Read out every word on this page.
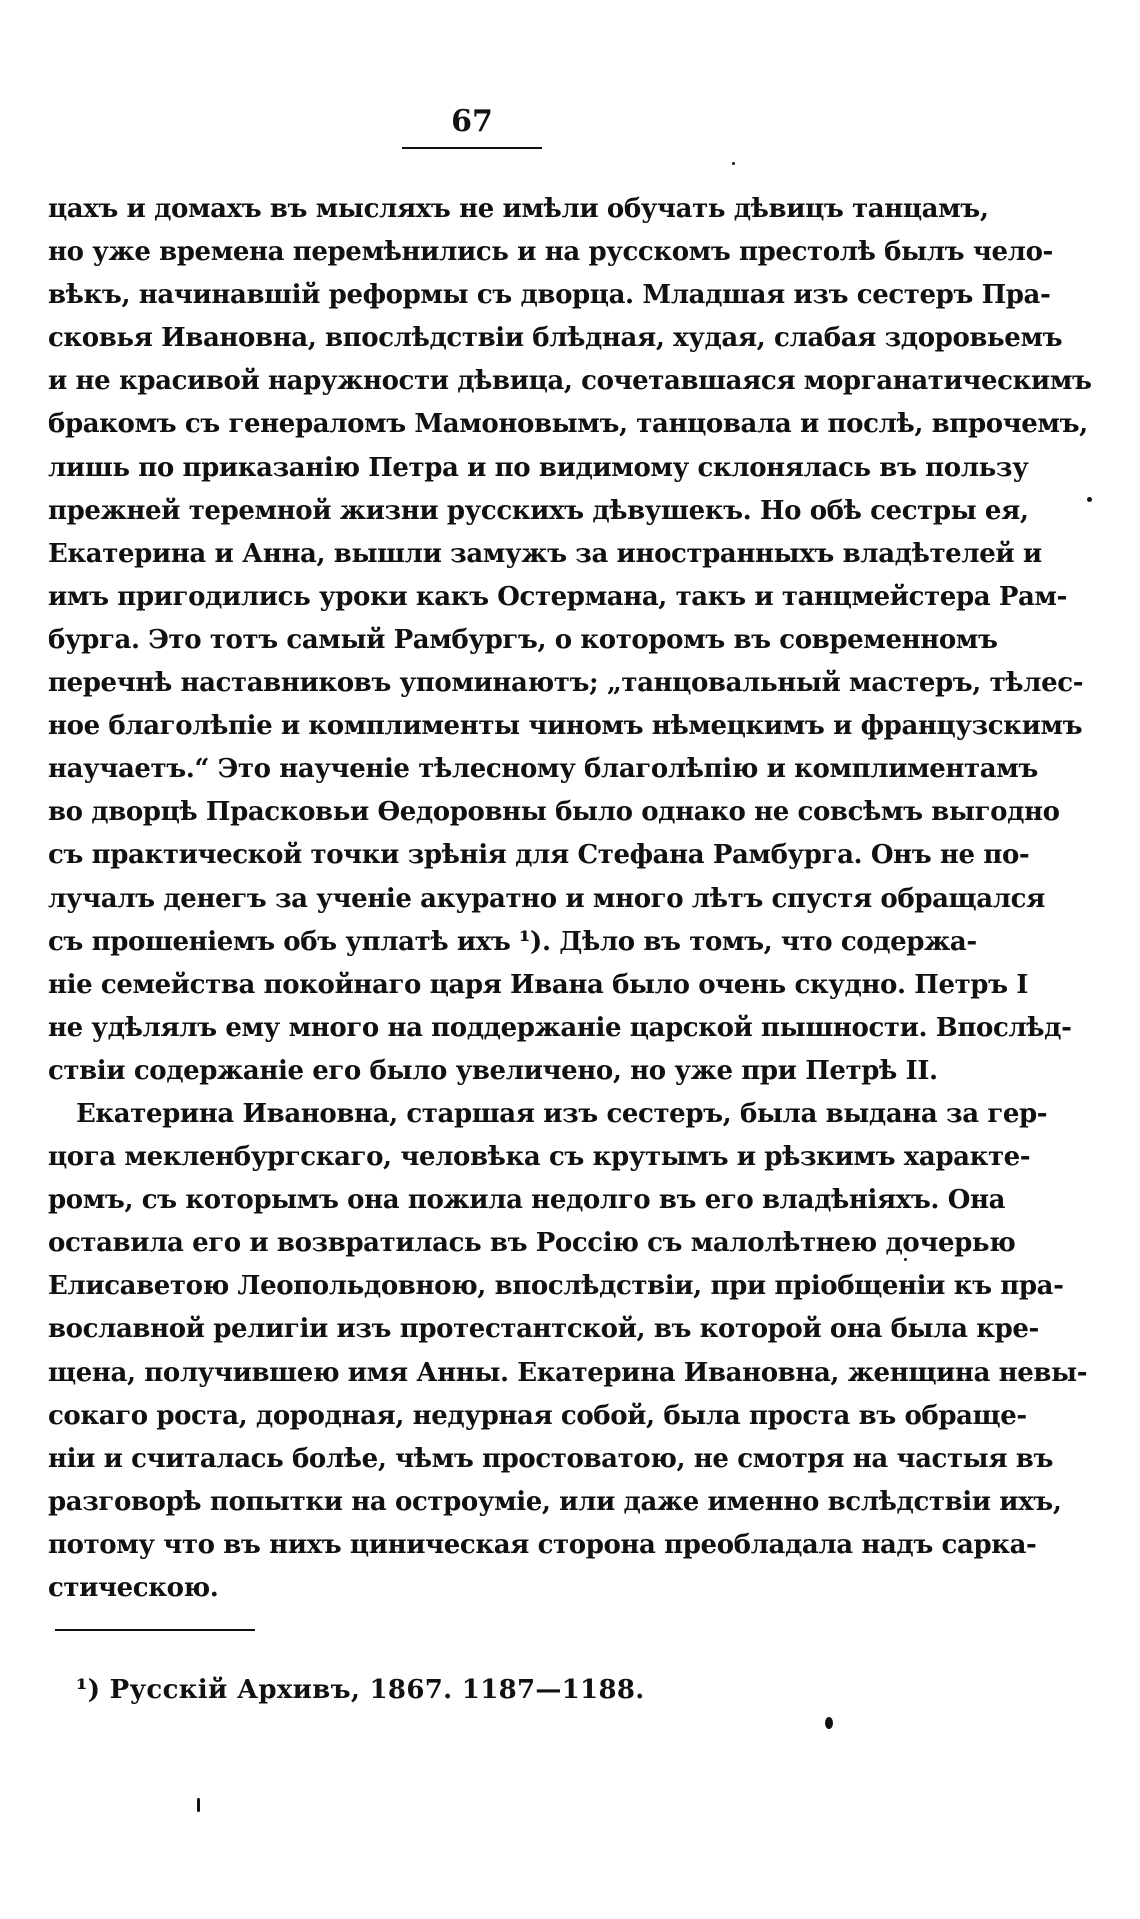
67
цахъ и домахъ въ мысляхъ не имѣли обучать дѣвицъ танцамъ,
но уже времена перемѣнились и на русскомъ престолѣ былъ чело-
вѣкъ, начинавшій реформы съ дворца. Младшая изъ сестеръ Пра-
сковья Ивановна, впослѣдствіи блѣдная, худая, слабая здоровьемъ
и не красивой наружности дѣвица, сочетавшаяся морганатическимъ
бракомъ съ генераломъ Мамоновымъ, танцовала и послѣ, впрочемъ,
лишь по приказанію Петра и по видимому склонялась въ пользу
прежней теремной жизни русскихъ дѣвушекъ. Но обѣ сестры ея,
Екатерина и Анна, вышли замужъ за иностранныхъ владѣтелей и
имъ пригодились уроки какъ Остермана, такъ и танцмейстера Рам-
бурга. Это тотъ самый Рамбургъ, о которомъ въ современномъ
перечнѣ наставниковъ упоминаютъ; „танцовальный мастеръ, тѣлес-
ное благолѣпіе и комплименты чиномъ нѣмецкимъ и французскимъ
научаетъ.“ Это наученіе тѣлесному благолѣпію и комплиментамъ
во дворцѣ Прасковьи Ѳедоровны было однако не совсѣмъ выгодно
съ практической точки зрѣнія для Стефана Рамбурга. Онъ не по-
лучалъ денегъ за ученіе акуратно и много лѣтъ спустя обращался
съ прошеніемъ объ уплатѣ ихъ ¹). Дѣло въ томъ, что содержа-
ніе семейства покойнаго царя Ивана было очень скудно. Петръ I
не удѣлялъ ему много на поддержаніе царской пышности. Впослѣд-
ствіи содержаніе его было увеличено, но уже при Петрѣ II.
Екатерина Ивановна, старшая изъ сестеръ, была выдана за гер-
цога мекленбургскаго, человѣка съ крутымъ и рѣзкимъ характе-
ромъ, съ которымъ она пожила недолго въ его владѣніяхъ. Она
оставила его и возвратилась въ Россію съ малолѣтнею дочерью
Елисаветою Леопольдовною, впослѣдствіи, при пріобщеніи къ пра-
вославной религіи изъ протестантской, въ которой она была кре-
щена, получившею имя Анны. Екатерина Ивановна, женщина невы-
сокаго роста, дородная, недурная собой, была проста въ обраще-
ніи и считалась болѣе, чѣмъ простоватою, не смотря на частыя въ
разговорѣ попытки на остроуміе, или даже именно вслѣдствіи ихъ,
потому что въ нихъ циническая сторона преобладала надъ сарка-
стическою.
¹) Русскій Архивъ, 1867. 1187—1188.
